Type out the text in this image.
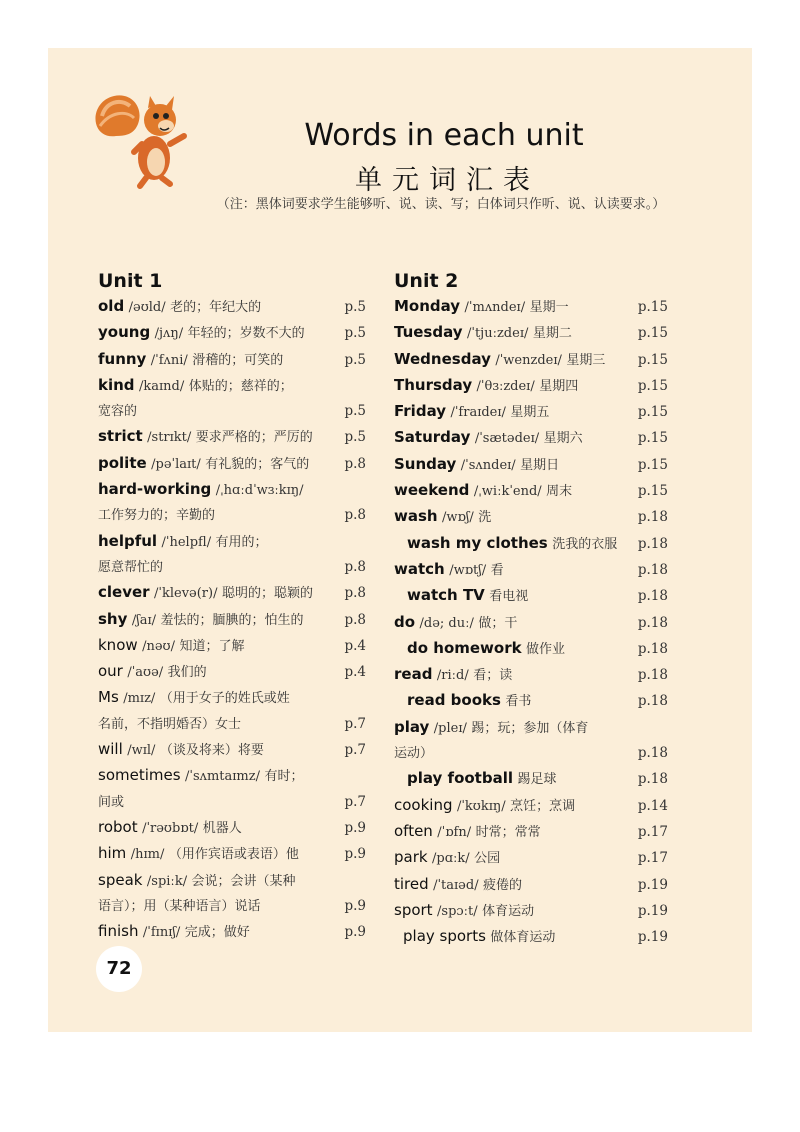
Words in each unit
单元词汇表
（注：黑体词要求学生能够听、说、读、写；白体词只作听、说、认读要求。）
Unit 1
old /əʊld/ 老的；年纪大的	p.5
young /jʌŋ/ 年轻的；岁数不大的	p.5
funny /ˈfʌni/ 滑稽的；可笑的	p.5
kind /kaɪnd/ 体贴的；慈祥的；
宽容的	p.5
strict /strɪkt/ 要求严格的；严厉的	p.5
polite /pəˈlaɪt/ 有礼貌的；客气的	p.8
hard-working /ˌhɑːdˈwɜːkɪŋ/
工作努力的；辛勤的	p.8
helpful /ˈhelpfl/ 有用的；
愿意帮忙的	p.8
clever /ˈklevə(r)/ 聪明的；聪颖的	p.8
shy /ʃaɪ/ 羞怯的；腼腆的；怕生的	p.8
know /nəʊ/ 知道；了解	p.4
our /ˈaʊə/ 我们的	p.4
Ms /mɪz/ （用于女子的姓氏或姓
名前，不指明婚否）女士	p.7
will /wɪl/ （谈及将来）将要	p.7
sometimes /ˈsʌmtaɪmz/ 有时；
间或	p.7
robot /ˈrəʊbɒt/ 机器人	p.9
him /hɪm/ （用作宾语或表语）他	p.9
speak /spiːk/ 会说；会讲（某种
语言）；用（某种语言）说话	p.9
finish /ˈfɪnɪʃ/ 完成；做好	p.9
Unit 2
Monday /ˈmʌndeɪ/ 星期一	p.15
Tuesday /ˈtjuːzdeɪ/ 星期二	p.15
Wednesday /ˈwenzdeɪ/ 星期三	p.15
Thursday /ˈθɜːzdeɪ/ 星期四	p.15
Friday /ˈfraɪdeɪ/ 星期五	p.15
Saturday /ˈsætədeɪ/ 星期六	p.15
Sunday /ˈsʌndeɪ/ 星期日	p.15
weekend /ˌwiːkˈend/ 周末	p.15
wash /wɒʃ/ 洗	p.18
wash my clothes 洗我的衣服	p.18
watch /wɒtʃ/ 看	p.18
watch TV 看电视	p.18
do /də; duː/ 做；干	p.18
do homework 做作业	p.18
read /riːd/ 看；读	p.18
read books 看书	p.18
play /pleɪ/ 踢；玩；参加（体育
运动）	p.18
play football 踢足球	p.18
cooking /ˈkʊkɪŋ/ 烹饪；烹调	p.14
often /ˈɒfn/ 时常；常常	p.17
park /pɑːk/ 公园	p.17
tired /ˈtaɪəd/ 疲倦的	p.19
sport /spɔːt/ 体育运动	p.19
play sports 做体育运动	p.19
72
